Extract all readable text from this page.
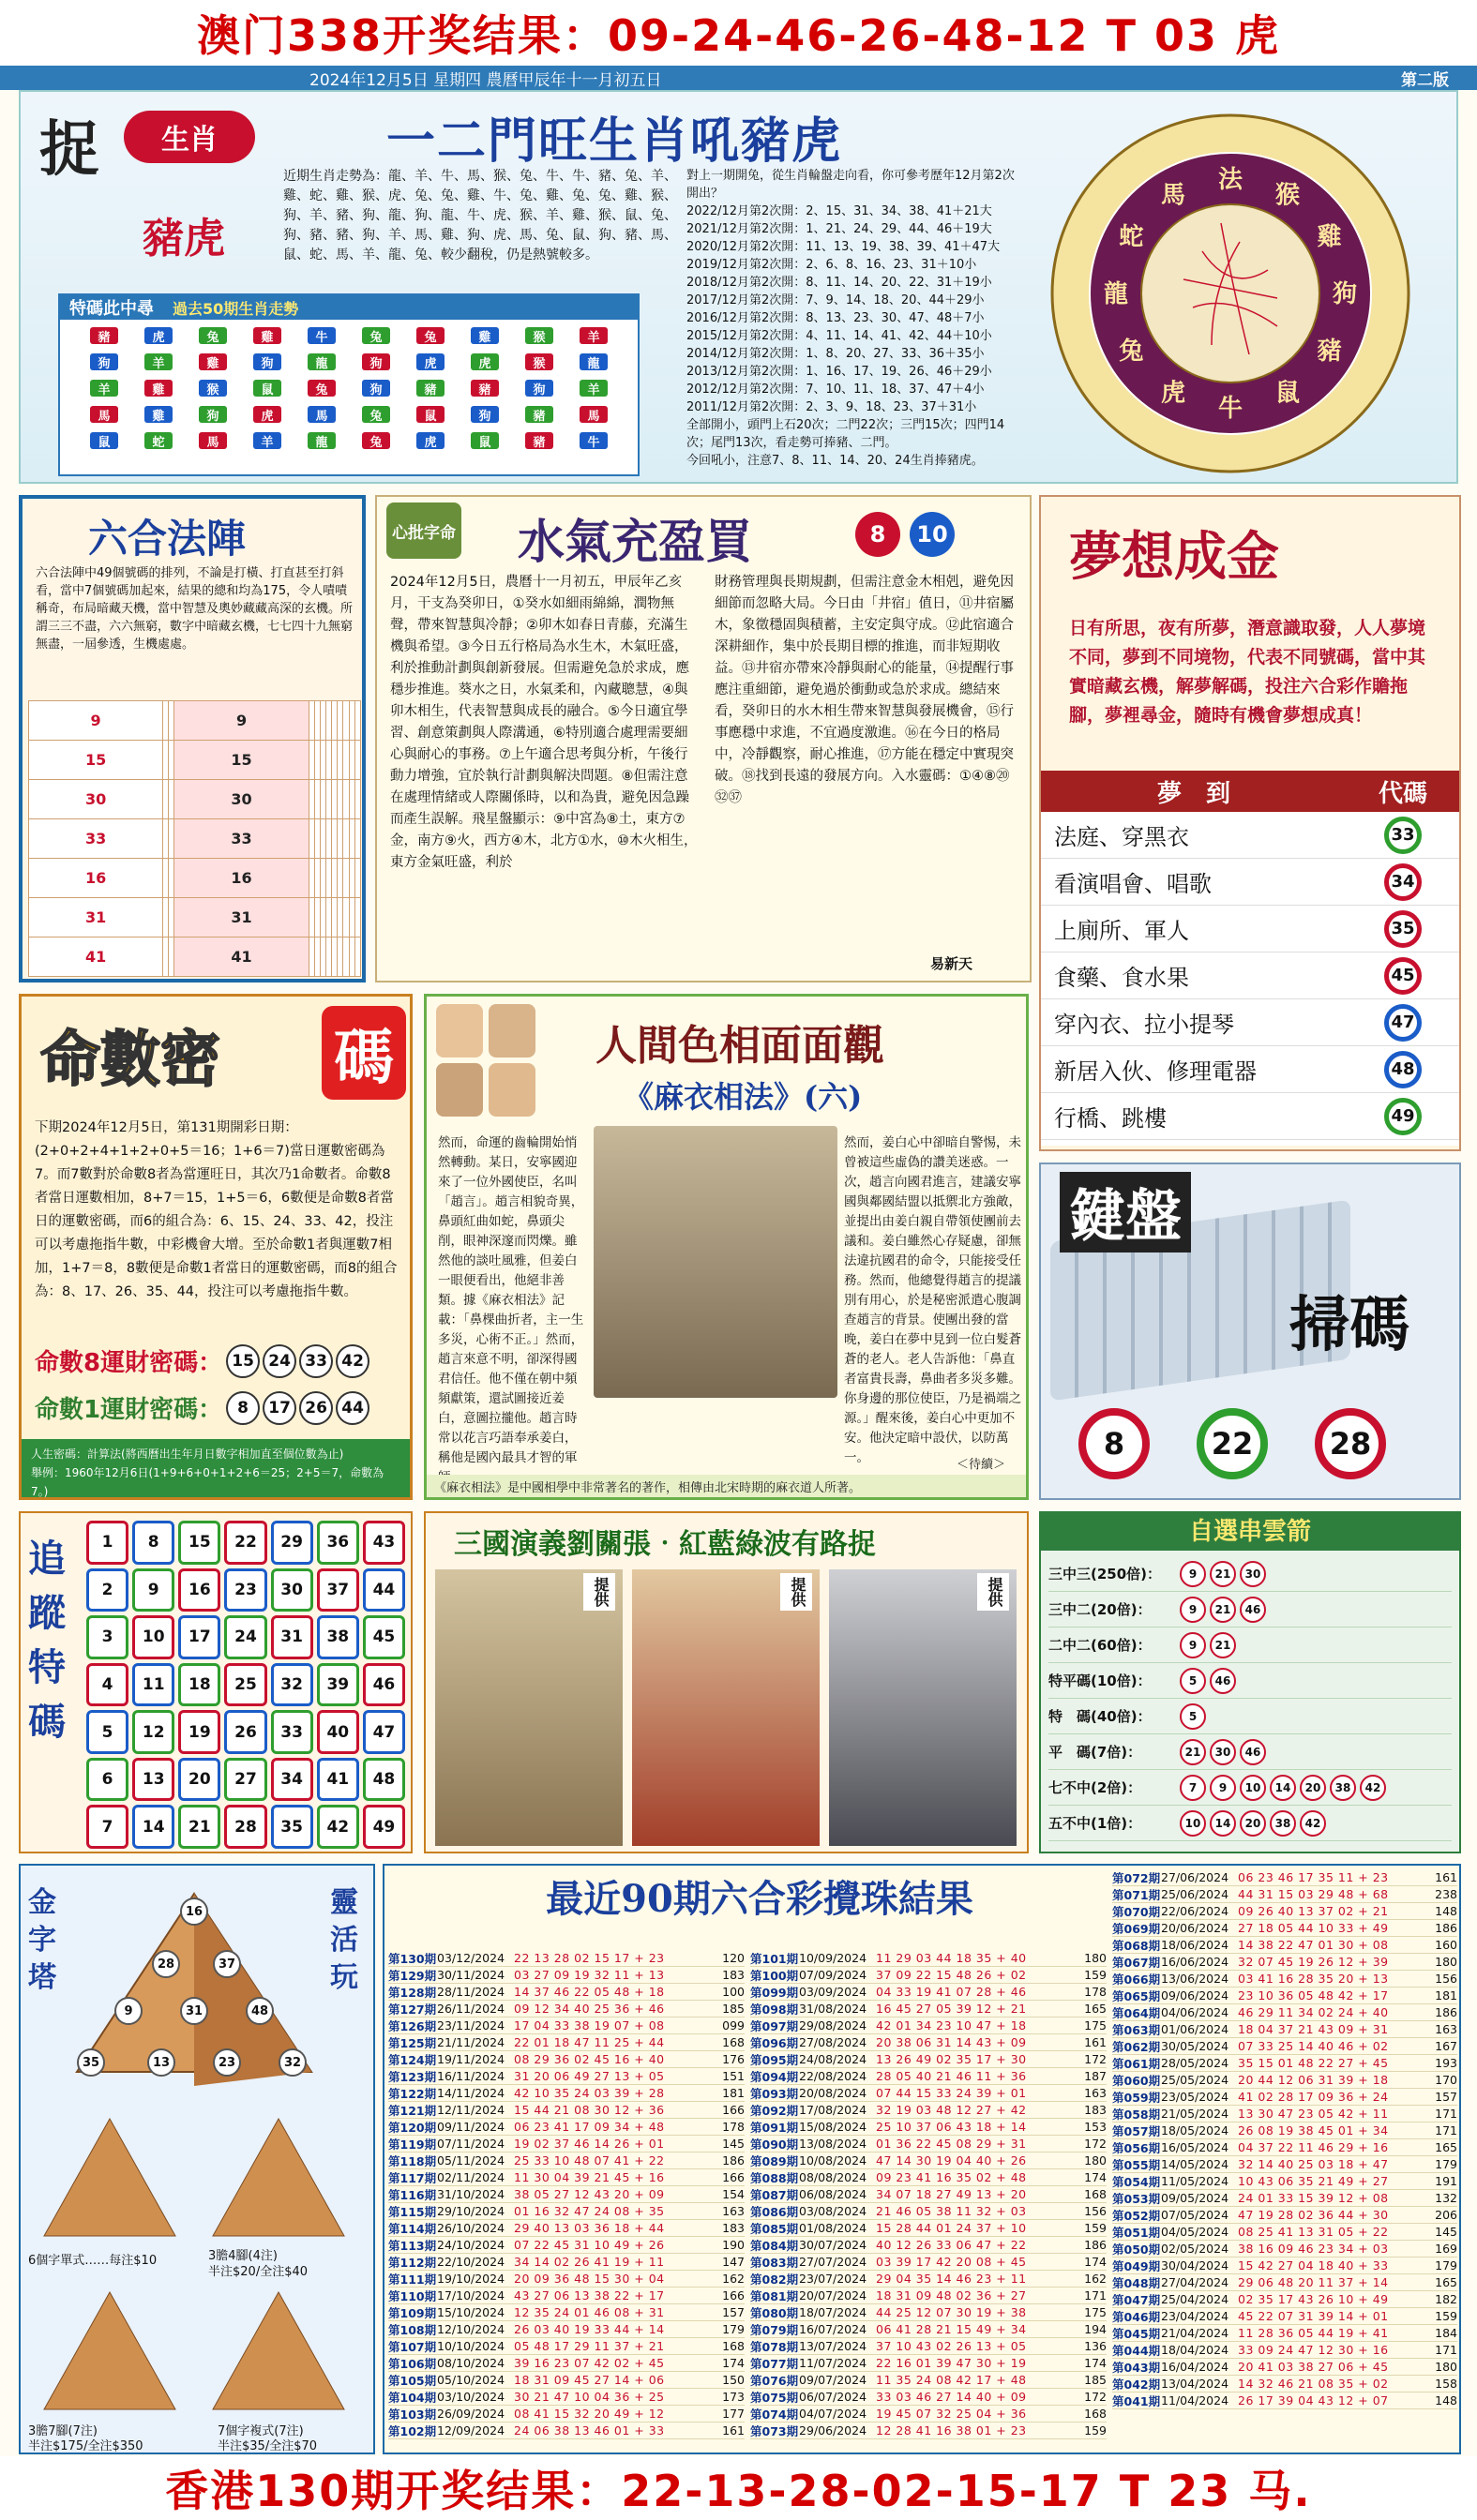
澳门338开奖结果：09-24-46-26-48-12 T 03 虎
2024年12月5日 星期四 農曆甲辰年十一月初五日	第二版
捉 生肖
豬虎
一二門旺生肖吼豬虎
近期生肖走勢為：龍、羊、牛、馬、猴、兔、牛、牛、豬、兔、羊、雞、蛇、雞、猴、虎、兔、兔、雞、牛、兔、雞、兔、兔、雞、猴、狗、羊、豬、狗、龍、狗、龍、牛、虎、猴、羊、雞、猴、鼠、兔、狗、豬、豬、狗、羊、馬、雞、狗、虎、馬、兔、鼠、狗、豬、馬、鼠、蛇、馬、羊、龍、兔、較少翻稅，仍是熱號較多。
對上一期開兔，從生肖輪盤走向看，你可參考歷年12月第2次開出？
2022/12月第2次開：2、15、31、34、38、41＋21大
2021/12月第2次開：1、21、24、29、44、46＋19大
2020/12月第2次開：11、13、19、38、39、41＋47大
2019/12月第2次開：2、6、8、16、23、31＋10小
2018/12月第2次開：8、11、14、20、22、31＋19小
2017/12月第2次開：7、9、14、18、20、44＋29小
2016/12月第2次開：8、13、23、30、47、48＋7小
2015/12月第2次開：4、11、14、41、42、44＋10小
2014/12月第2次開：1、8、20、27、33、36＋35小
2013/12月第2次開：1、16、17、19、26、46＋29小
2012/12月第2次開：7、10、11、18、37、47＋4小
2011/12月第2次開：2、3、9、18、23、37＋31小
全部開小，頭門上石20次；二門22次；三門15次；四門14次；尾門13次，看走勢可捧豬、二門。
今回吼小，注意7、8、11、14、20、24生肖捧豬虎。
特碼此中尋 過去50期生肖走勢
豬	虎	兔	雞	牛	兔	兔	雞	猴	羊
狗	羊	雞	狗	龍	狗	虎	虎	猴	龍
羊	雞	猴	鼠	兔	狗	豬	豬	狗	羊
馬	雞	狗	虎	馬	兔	鼠	狗	豬	馬
鼠	蛇	馬	羊	龍	兔	虎	鼠	豬	牛
法
猴
雞
狗
豬
鼠
牛
虎
兔
龍
蛇
馬
六合法陣
六合法陣中49個號碼的排列，不論是打橫、打直甚至打斜看，當中7個號碼加起來，結果的總和均為175，令人嘖嘖稱奇，布局暗藏天機，當中智慧及奧妙藏藏高深的玄機。所謂三三不盡，六六無窮，數字中暗藏玄機，七七四十九無窮無盡，一屆參透，生機處處。
9			9									
15			15									
30			30									
33			33									
16			16									
31			31									
41			41									
心批字命 水氣充盈買	8	10
2024年12月5日，農曆十一月初五，甲辰年乙亥月，干支為癸卯日，①癸水如細雨綿綿，潤物無聲，帶來智慧與冷靜；②卯木如春日青藤，充滿生機與希望。③今日五行格局為水生木，木氣旺盛，利於推動計劃與創新發展。但需避免急於求成，應穩步推進。葵水之日，水氣柔和，內藏聰慧，④與卯木相生，代表智慧與成長的融合。⑤今日適宜學習、創意策劃與人際溝通，⑥特別適合處理需要細心與耐心的事務。⑦上午適合思考與分析，午後行動力增強，宜於執行計劃與解決問題。⑧但需注意在處理情緒或人際關係時，以和為貴，避免因急躁而產生誤解。飛星盤顯示：⑨中宮為⑧土，東方⑦金，南方⑨火，西方④木，北方①水，⑩木火相生，東方金氣旺盛，利於
財務管理與長期規劃，但需注意金木相剋，避免因細節而忽略大局。今日由「井宿」值日，⑪井宿屬木，象徵穩固與積蓄，主安定與守成。⑫此宿適合深耕細作，集中於長期目標的推進，而非短期收益。⑬井宿亦帶來冷靜與耐心的能量，⑭提醒行事應注重細節，避免過於衝動或急於求成。總結來看，癸卯日的水木相生帶來智慧與發展機會，⑮行事應穩中求進，不宜過度激進。⑯在今日的格局中，冷靜觀察，耐心推進，⑰方能在穩定中實現突破。⑱找到長遠的發展方向。入水靈碼：①④⑧⑳㉜㊲
易新天
夢想成金
日有所思，夜有所夢，潛意識取發，人人夢境不同，夢到不同境物，代表不同號碼，當中其實暗藏玄機，解夢解碼，投注六合彩作贍拖腳，夢裡尋金，隨時有機會夢想成真！
夢　到	代碼
法庭、穿黑衣	33
看演唱會、唱歌	34
上廁所、軍人	35
食藥、食水果	45
穿內衣、拉小提琴	47
新居入伙、修理電器	48
行橋、跳樓	49
命數密 碼
下期2024年12月5日，第131期開彩日期：(2+0+2+4+1+2+0+5＝16；1+6＝7)當日運數密碼為7。而7數對於命數8者為當運旺日，其次乃1命數者。命數8者當日運數相加，8+7＝15，1+5＝6，6數便是命數8者當日的運數密碼，而6的組合為：6、15、24、33、42，投注可以考慮拖指牛數，中彩機會大增。至於命數1者與運數7相加，1+7＝8，8數便是命數1者當日的運數密碼，而8的組合為：8、17、26、35、44，投注可以考慮拖指牛數。
命數8運財密碼： 15 24 33 42
命數1運財密碼： 8	17 26 44
人生密碼：計算法(將西曆出生年月日數字相加直至個位數為止)
舉例：1960年12月6日(1+9+6+0+1+2+6＝25；2+5＝7，命數為7。)
人間色相面面觀
《麻衣相法》(六)
然而，命運的齒輪開始悄然轉動。某日，安寧國迎來了一位外國使臣，名叫「趙言」。趙言相貌奇異，鼻頭紅曲如蛇，鼻頭尖削，眼神深邃而閃爍。雖然他的談吐風雅，但姜白一眼便看出，他絕非善類。據《麻衣相法》記載：「鼻棵曲折者，主一生多災，心術不正。」然而，趙言來意不明，卻深得國君信任。他不僅在朝中頻頻獻策，還試圖接近姜白，意圖拉攏他。趙言時常以花言巧語奉承姜白，稱他是國內最具才智的軍
然而，姜白心中卻暗自警惕，未曾被這些虛偽的讚美迷惑。一次，趙言向國君進言，建議安寧國與鄰國結盟以抵禦北方強敵，並提出由姜白親自帶領使團前去議和。姜白雖然心存疑慮，卻無法違抗國君的命令，只能接受任務。然而，他總覺得趙言的提議別有用心，於是秘密派遣心腹調查趙言的背景。使團出發的當晚，姜白在夢中見到一位白髮蒼蒼的老人。老人告訴他：「鼻直者富貴長壽，鼻曲者多災多難。你身邊的那位使臣，乃是禍端之源。」醒來後，姜白心中更加不安。他決定暗中設伏，以防萬一。	＜待續＞
《麻衣相法》是中國相學中非常著名的著作，相傳由北宋時期的麻衣道人所著。
鍵盤
掃碼
8	22	28
追蹤特碼
1	8	15	22	29	36	43
2	9	16	23	30	37	44
3	10	17	24	31	38	45
4	11	18	25	32	39	46
5	12	19	26	33	40	47
6	13	20	27	34	41	48
7	14	21	28	35	42	49
三國演義劉關張‧紅藍綠波有路捉
提供	提供	提供
自選串雲箭
三中三(250倍)：	9	21	30
三中二(20倍)：	9	21	46
二中二(60倍)：	9	21
特平碼(10倍)：	5	46
特　碼(40倍)：	5
平　碼(7倍)：	21	30	46
七不中(2倍)：	7	9	10	14	20	38	42
五不中(1倍)：	10	14	20	38	42
金字塔
靈活玩
16
28	37
9	31	48
35	13	23	32
6個字單式……每注$10	3膽4腳(4注)
半注$20/全注$40
3膽7腳(7注)
半注$175/全注$350
7個字複式(7注)
半注$35/全注$70
最近90期六合彩攪珠結果
第130期 03/12/2024 22 13 28 02 15 17 + 23	120
第129期 30/11/2024 03 27 09 19 32 11 + 13	183
第128期 28/11/2024 14 37 46 22 05 48 + 18	100
第127期 26/11/2024 09 12 34 40 25 36 + 46	185
第126期 23/11/2024 17 04 33 38 19 07 + 08	099
第125期 21/11/2024 22 01 18 47 11 25 + 44	168
第124期 19/11/2024 08 29 36 02 45 16 + 40	176
第123期 16/11/2024 31 20 06 49 27 13 + 05	151
第122期 14/11/2024 42 10 35 24 03 39 + 28	181
第121期 12/11/2024 15 44 21 08 30 12 + 36	166
第120期 09/11/2024 06 23 41 17 09 34 + 48	178
第119期 07/11/2024 19 02 37 46 14 26 + 01	145
第118期 05/11/2024 25 33 10 48 07 41 + 22	186
第117期 02/11/2024 11 30 04 39 21 45 + 16	166
第116期 31/10/2024 38 05 27 12 43 20 + 09	154
第115期 29/10/2024 01 16 32 47 24 08 + 35	163
第114期 26/10/2024 29 40 13 03 36 18 + 44	183
第113期 24/10/2024 07 22 45 31 10 49 + 26	190
第112期 22/10/2024 34 14 02 26 41 19 + 11	147
第111期 19/10/2024 20 09 36 48 15 30 + 04	162
第110期 17/10/2024 43 27 06 13 38 22 + 17	166
第109期 15/10/2024 12 35 24 01 46 08 + 31	157
第108期 12/10/2024 26 03 40 19 33 44 + 14	179
第107期 10/10/2024 05 48 17 29 11 37 + 21	168
第106期 08/10/2024 39 16 23 07 42 02 + 45	174
第105期 05/10/2024 18 31 09 45 27 14 + 06	150
第104期 03/10/2024 30 21 47 10 04 36 + 25	173
第103期 26/09/2024 08 41 15 32 20 49 + 12	177
第102期 12/09/2024 24 06 38 13 46 01 + 33	161
第101期 10/09/2024 11 29 03 44 18 35 + 40	180
第100期 07/09/2024 37 09 22 15 48 26 + 02	159
第099期 03/09/2024 04 33 19 41 07 28 + 46	178
第098期 31/08/2024 16 45 27 05 39 12 + 21	165
第097期 29/08/2024 42 01 34 23 10 47 + 18	175
第096期 27/08/2024 20 38 06 31 14 43 + 09	161
第095期 24/08/2024 13 26 49 02 35 17 + 30	172
第094期 22/08/2024 28 05 40 21 46 11 + 36	187
第093期 20/08/2024 07 44 15 33 24 39 + 01	163
第092期 17/08/2024 32 19 03 48 12 27 + 42	183
第091期 15/08/2024 25 10 37 06 43 18 + 14	153
第090期 13/08/2024 01 36 22 45 08 29 + 31	172
第089期 10/08/2024 47 14 30 19 04 40 + 26	180
第088期 08/08/2024 09 23 41 16 35 02 + 48	174
第087期 06/08/2024 34 07 18 27 49 13 + 20	168
第086期 03/08/2024 21 46 05 38 11 32 + 03	156
第085期 01/08/2024 15 28 44 01 24 37 + 10	159
第084期 30/07/2024 40 12 26 33 06 47 + 22	186
第083期 27/07/2024 03 39 17 42 20 08 + 45	174
第082期 23/07/2024 29 04 35 14 46 23 + 11	162
第081期 20/07/2024 18 31 09 48 02 36 + 27	171
第080期 18/07/2024 44 25 12 07 30 19 + 38	175
第079期 16/07/2024 06 41 28 21 15 49 + 34	194
第078期 13/07/2024 37 10 43 02 26 13 + 05	136
第077期 11/07/2024 22 16 01 39 47 30 + 19	174
第076期 09/07/2024 11 35 24 08 42 17 + 48	185
第075期 06/07/2024 33 03 46 27 14 40 + 09	172
第074期 04/07/2024 19 45 07 32 25 04 + 36	168
第073期 29/06/2024 12 28 41 16 38 01 + 23	159
第072期 27/06/2024 06 23 46 17 35 11 + 23	161
第071期 25/06/2024 44 31 15 03 29 48 + 68	238
第070期 22/06/2024 09 26 40 13 37 02 + 21	148
第069期 20/06/2024 27 18 05 44 10 33 + 49	186
第068期 18/06/2024 14 38 22 47 01 30 + 08	160
第067期 16/06/2024 32 07 45 19 26 12 + 39	180
第066期 13/06/2024 03 41 16 28 35 20 + 13	156
第065期 09/06/2024 23 10 36 05 48 42 + 17	181
第064期 04/06/2024 46 29 11 34 02 24 + 40	186
第063期 01/06/2024 18 04 37 21 43 09 + 31	163
第062期 30/05/2024 07 33 25 14 40 46 + 02	167
第061期 28/05/2024 35 15 01 48 22 27 + 45	193
第060期 25/05/2024 20 44 12 06 31 39 + 18	170
第059期 23/05/2024 41 02 28 17 09 36 + 24	157
第058期 21/05/2024 13 30 47 23 05 42 + 11	171
第057期 18/05/2024 26 08 19 38 45 01 + 34	171
第056期 16/05/2024 04 37 22 11 46 29 + 16	165
第055期 14/05/2024 32 14 40 25 03 18 + 47	179
第054期 11/05/2024 10 43 06 35 21 49 + 27	191
第053期 09/05/2024 24 01 33 15 39 12 + 08	132
第052期 07/05/2024 47 19 28 02 36 44 + 30	206
第051期 04/05/2024 08 25 41 13 31 05 + 22	145
第050期 02/05/2024 38 16 09 46 23 34 + 03	169
第049期 30/04/2024 15 42 27 04 18 40 + 33	179
第048期 27/04/2024 29 06 48 20 11 37 + 14	165
第047期 25/04/2024 02 35 17 43 26 10 + 49	182
第046期 23/04/2024 45 22 07 31 39 14 + 01	159
第045期 21/04/2024 11 28 36 05 44 19 + 41	184
第044期 18/04/2024 33 09 24 47 12 30 + 16	171
第043期 16/04/2024 20 41 03 38 27 06 + 45	180
第042期 13/04/2024 14 32 46 21 08 35 + 02	158
第041期 11/04/2024 26 17 39 04 43 12 + 07	148
香港130期开奖结果：22-13-28-02-15-17 T 23 马.
